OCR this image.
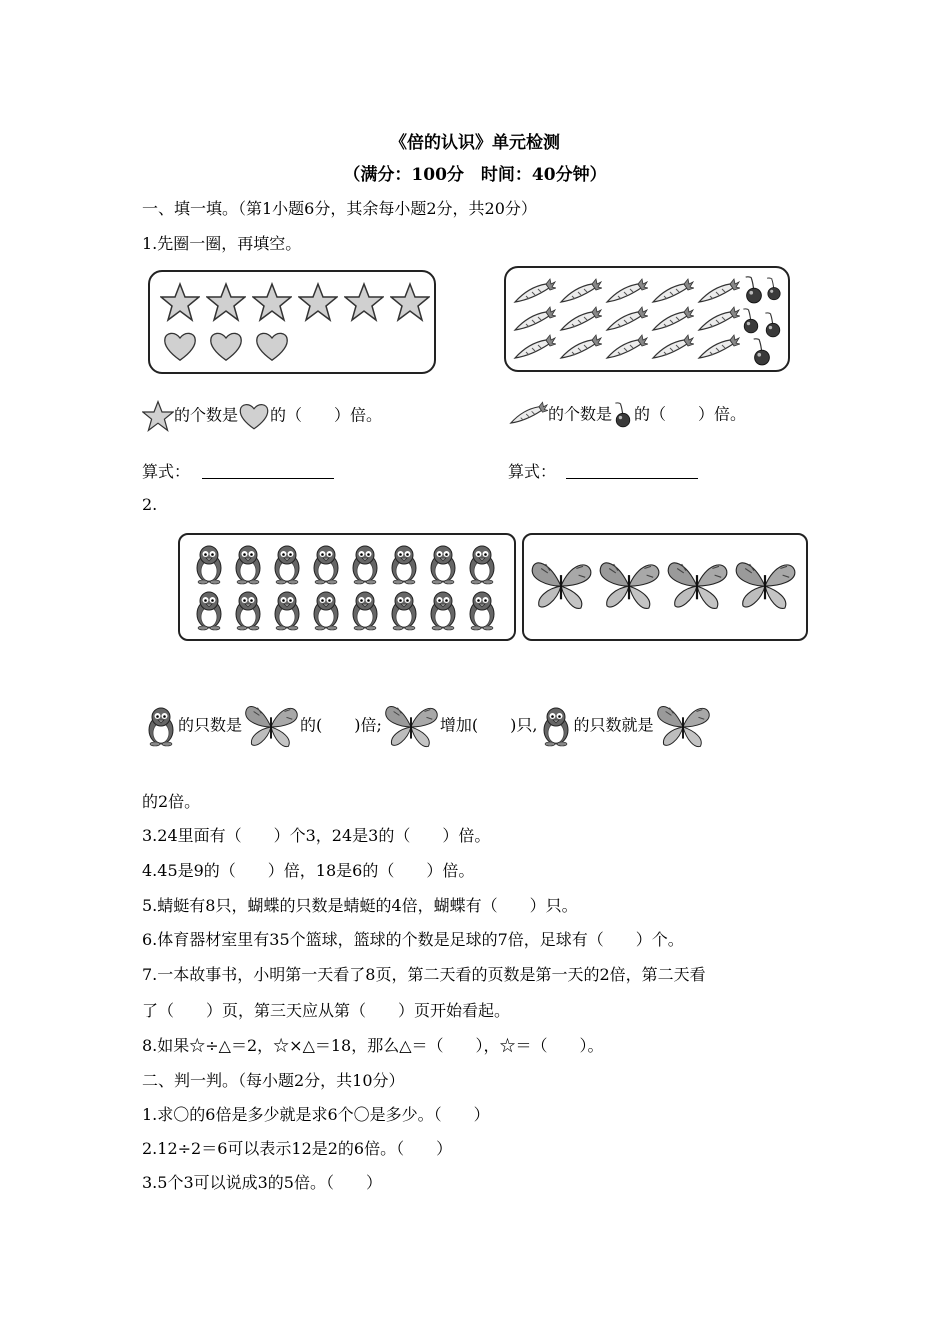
《倍的认识》单元检测
（满分：100分　时间：40分钟）
一、填一填。（第1小题6分，其余每小题2分，共20分）
1.先圈一圈，再填空。
的个数是 的（　　）倍。	的个数是 的（　　）倍。
算式：	算式：
2.
的只数是	的(　　)倍;	增加(　　)只, 的只数就是
的2倍。
3.24里面有（　　）个3，24是3的（　　）倍。
4.45是9的（　　）倍，18是6的（　　）倍。
5.蜻蜓有8只，蝴蝶的只数是蜻蜓的4倍，蝴蝶有（　　）只。
6.体育器材室里有35个篮球，篮球的个数是足球的7倍，足球有（　　）个。
7.一本故事书，小明第一天看了8页，第二天看的页数是第一天的2倍，第二天看
了（　　）页，第三天应从第（　　）页开始看起。
8.如果☆÷△＝2，☆×△＝18，那么△＝（　　），☆＝（　　）。
二、判一判。（每小题2分，共10分）
1.求〇的6倍是多少就是求6个〇是多少。（　　）
2.12÷2＝6可以表示12是2的6倍。（　　）
3.5个3可以说成3的5倍。（　　）
